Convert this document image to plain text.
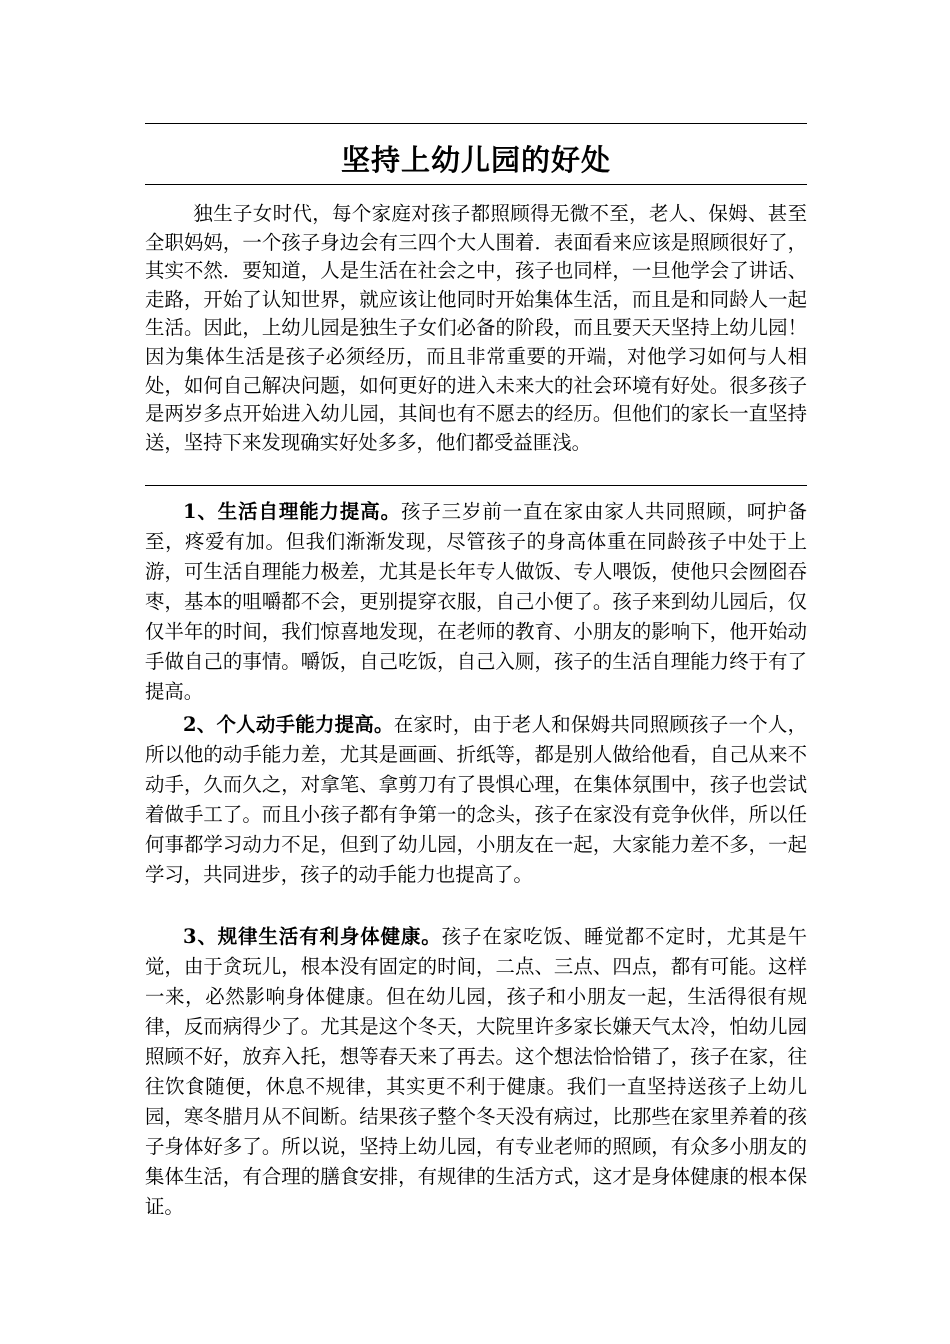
坚持上幼儿园的好处
独生子女时代，每个家庭对孩子都照顾得无微不至，老人、保姆、甚至全职妈妈，一个孩子身边会有三四个大人围着．表面看来应该是照顾很好了，其实不然．要知道，人是生活在社会之中，孩子也同样，一旦他学会了讲话、走路，开始了认知世界，就应该让他同时开始集体生活，而且是和同龄人一起生活。因此，上幼儿园是独生子女们必备的阶段，而且要天天坚持上幼儿园！因为集体生活是孩子必须经历，而且非常重要的开端，对他学习如何与人相处，如何自己解决问题，如何更好的进入未来大的社会环境有好处。很多孩子是两岁多点开始进入幼儿园，其间也有不愿去的经历。但他们的家长一直坚持送，坚持下来发现确实好处多多，他们都受益匪浅。
1、生活自理能力提高。孩子三岁前一直在家由家人共同照顾，呵护备至，疼爱有加。但我们渐渐发现，尽管孩子的身高体重在同龄孩子中处于上游，可生活自理能力极差，尤其是长年专人做饭、专人喂饭，使他只会囫囵吞枣，基本的咀嚼都不会，更别提穿衣服，自己小便了。孩子来到幼儿园后，仅仅半年的时间，我们惊喜地发现，在老师的教育、小朋友的影响下，他开始动手做自己的事情。嚼饭，自己吃饭，自己入厕，孩子的生活自理能力终于有了提高。
2、个人动手能力提高。在家时，由于老人和保姆共同照顾孩子一个人，所以他的动手能力差，尤其是画画、折纸等，都是别人做给他看，自己从来不动手，久而久之，对拿笔、拿剪刀有了畏惧心理，在集体氛围中，孩子也尝试着做手工了。而且小孩子都有争第一的念头，孩子在家没有竞争伙伴，所以任何事都学习动力不足，但到了幼儿园，小朋友在一起，大家能力差不多，一起学习，共同进步，孩子的动手能力也提高了。
3、规律生活有利身体健康。孩子在家吃饭、睡觉都不定时，尤其是午觉，由于贪玩儿，根本没有固定的时间，二点、三点、四点，都有可能。这样一来，必然影响身体健康。但在幼儿园，孩子和小朋友一起，生活得很有规律，反而病得少了。尤其是这个冬天，大院里许多家长嫌天气太冷，怕幼儿园照顾不好，放弃入托，想等春天来了再去。这个想法恰恰错了，孩子在家，往往饮食随便，休息不规律，其实更不利于健康。我们一直坚持送孩子上幼儿园，寒冬腊月从不间断。结果孩子整个冬天没有病过，比那些在家里养着的孩子身体好多了。所以说，坚持上幼儿园，有专业老师的照顾，有众多小朋友的集体生活，有合理的膳食安排，有规律的生活方式，这才是身体健康的根本保证。
